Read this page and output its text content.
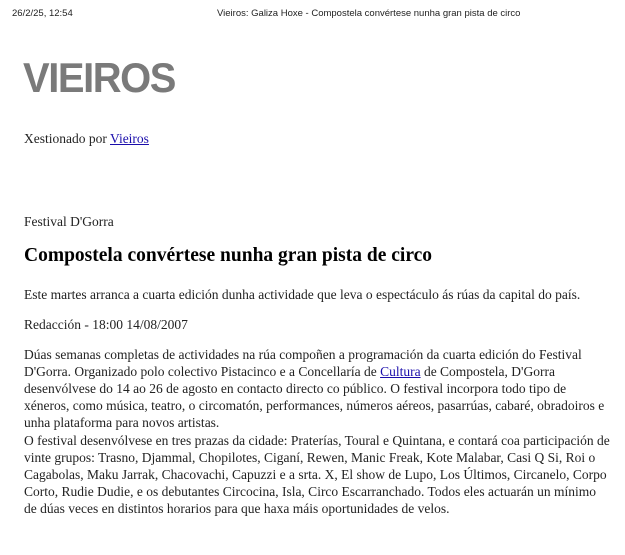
26/2/25, 12:54	Vieiros: Galiza Hoxe - Compostela convértese nunha gran pista de circo
VIEIROS
Xestionado por Vieiros
Festival D'Gorra
Compostela convértese nunha gran pista de circo
Este martes arranca a cuarta edición dunha actividade que leva o espectáculo ás rúas da capital do país.
Redacción - 18:00 14/08/2007

Dúas semanas completas de actividades na rúa compoñen a programación da cuarta edición do Festival D'Gorra. Organizado polo colectivo Pistacinco e a Concellaría de Cultura de Compostela, D'Gorra desenvólvese do 14 ao 26 de agosto en contacto directo co público. O festival incorpora todo tipo de xéneros, como música, teatro, o circomatón, performances, números aéreos, pasarrúas, cabaré, obradoiros e unha plataforma para novos artistas.

O festival desenvólvese en tres prazas da cidade: Praterías, Toural e Quintana, e contará coa participación de vinte grupos: Trasno, Djammal, Chopilotes, Ciganí, Rewen, Manic Freak, Kote Malabar, Casi Q Si, Roi o Cagabolas, Maku Jarrak, Chacovachi, Capuzzi e a srta. X, El show de Lupo, Los Últimos, Circanelo, Corpo Corto, Rudie Dudie, e os debutantes Circocina, Isla, Circo Escarranchado. Todos eles actuarán un mínimo de dúas veces en distintos horarios para que haxa máis oportunidades de velos.
